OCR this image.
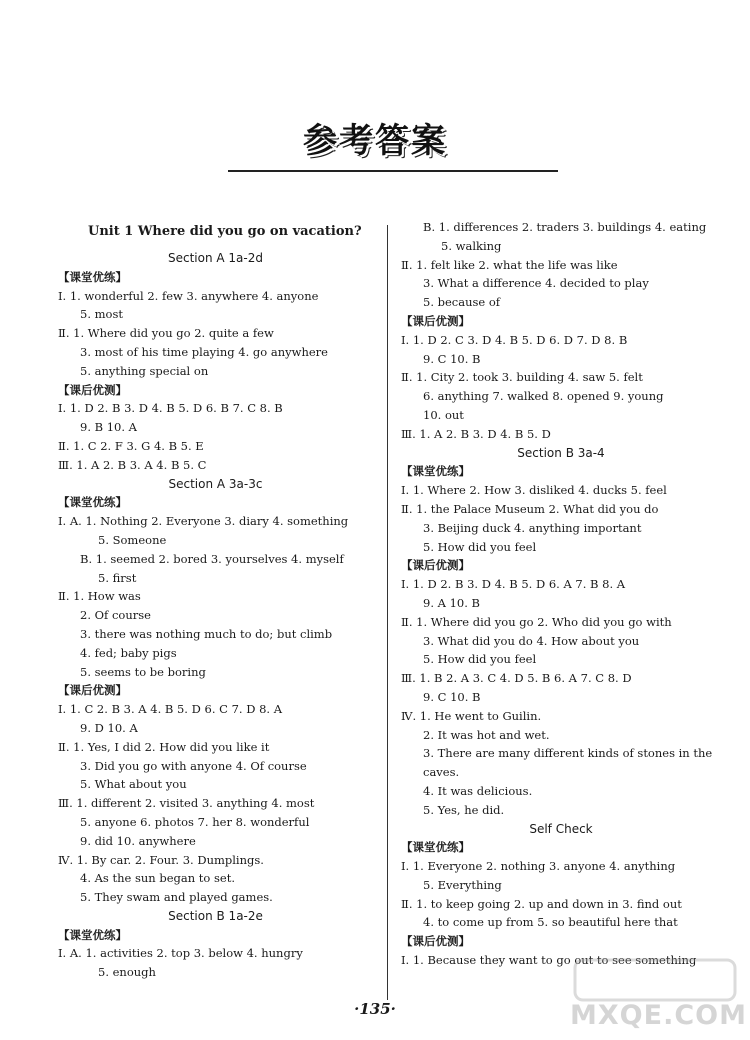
参考答案
Unit 1 Where did you go on vacation?
Section A 1a-2d
【课堂优练】
Ⅰ. 1. wonderful 2. few 3. anywhere 4. anyone
5. most
Ⅱ. 1. Where did you go 2. quite a few
3. most of his time playing 4. go anywhere
5. anything special on
【课后优测】
Ⅰ. 1. D 2. B 3. D 4. B 5. D 6. B 7. C 8. B
9. B 10. A
Ⅱ. 1. C 2. F 3. G 4. B 5. E
Ⅲ. 1. A 2. B 3. A 4. B 5. C
Section A 3a-3c
【课堂优练】
Ⅰ. A. 1. Nothing 2. Everyone 3. diary 4. something
5. Someone
B. 1. seemed 2. bored 3. yourselves 4. myself
5. first
Ⅱ. 1. How was
2. Of course
3. there was nothing much to do; but climb
4. fed; baby pigs
5. seems to be boring
【课后优测】
Ⅰ. 1. C 2. B 3. A 4. B 5. D 6. C 7. D 8. A
9. D 10. A
Ⅱ. 1. Yes, I did 2. How did you like it
3. Did you go with anyone 4. Of course
5. What about you
Ⅲ. 1. different 2. visited 3. anything 4. most
5. anyone 6. photos 7. her 8. wonderful
9. did 10. anywhere
Ⅳ. 1. By car. 2. Four. 3. Dumplings.
4. As the sun began to set.
5. They swam and played games.
Section B 1a-2e
【课堂优练】
Ⅰ. A. 1. activities 2. top 3. below 4. hungry
5. enough
B. 1. differences 2. traders 3. buildings 4. eating
5. walking
Ⅱ. 1. felt like 2. what the life was like
3. What a difference 4. decided to play
5. because of
【课后优测】
Ⅰ. 1. D 2. C 3. D 4. B 5. D 6. D 7. D 8. B
9. C 10. B
Ⅱ. 1. City 2. took 3. building 4. saw 5. felt
6. anything 7. walked 8. opened 9. young
10. out
Ⅲ. 1. A 2. B 3. D 4. B 5. D
Section B 3a-4
【课堂优练】
Ⅰ. 1. Where 2. How 3. disliked 4. ducks 5. feel
Ⅱ. 1. the Palace Museum 2. What did you do
3. Beijing duck 4. anything important
5. How did you feel
【课后优测】
Ⅰ. 1. D 2. B 3. D 4. B 5. D 6. A 7. B 8. A
9. A 10. B
Ⅱ. 1. Where did you go 2. Who did you go with
3. What did you do 4. How about you
5. How did you feel
Ⅲ. 1. B 2. A 3. C 4. D 5. B 6. A 7. C 8. D
9. C 10. B
Ⅳ. 1. He went to Guilin.
2. It was hot and wet.
3. There are many different kinds of stones in the
caves.
4. It was delicious.
5. Yes, he did.
Self Check
【课堂优练】
Ⅰ. 1. Everyone 2. nothing 3. anyone 4. anything
5. Everything
Ⅱ. 1. to keep going 2. up and down in 3. find out
4. to come up from 5. so beautiful here that
【课后优测】
Ⅰ. 1. Because they want to go out to see something
·135·	MXQE.COM
